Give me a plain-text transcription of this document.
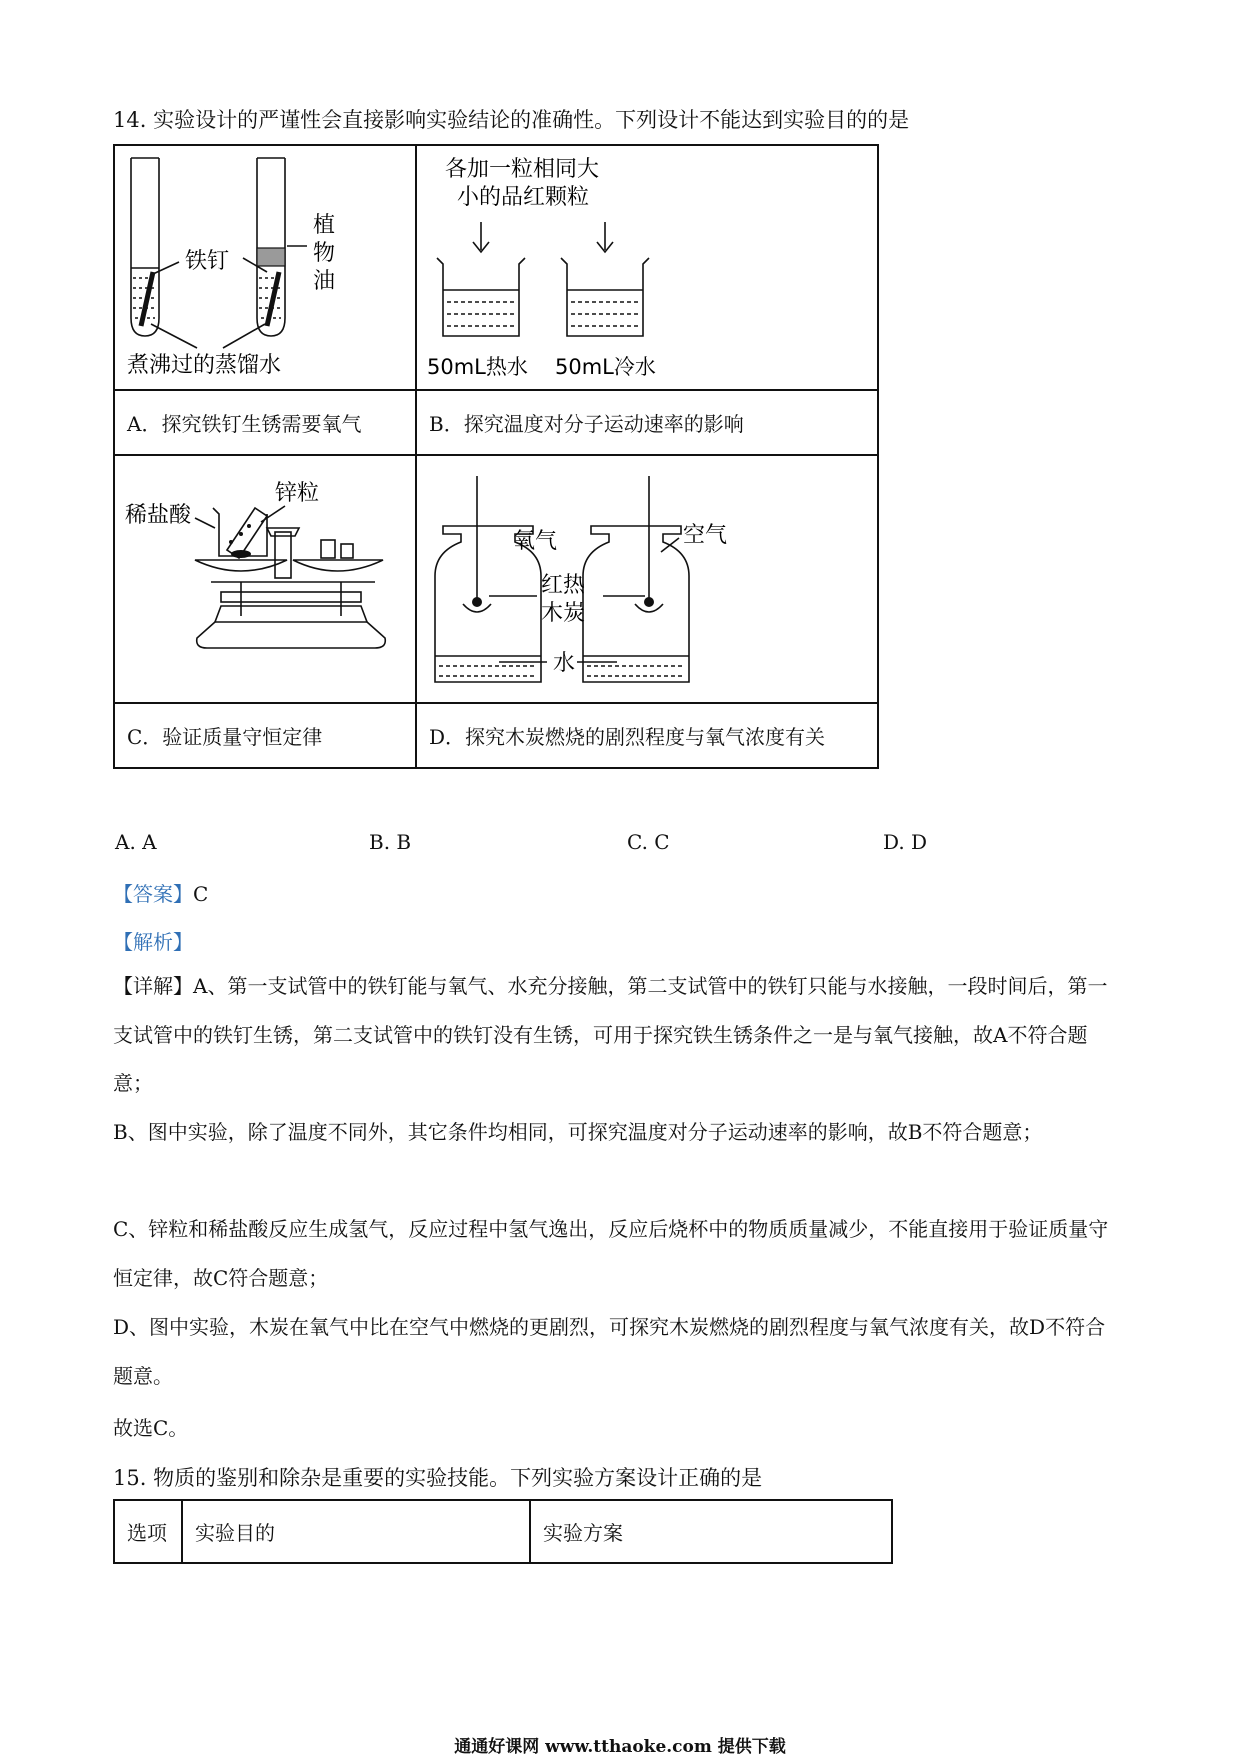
14. 实验设计的严谨性会直接影响实验结论的准确性。下列设计不能达到实验目的的是
铁钉
植
物
油
煮沸过的蒸馏水	各加一粒相同大
小的品红颗粒
50mL热水 50mL冷水

A．探究铁钉生锈需要氧气	B．探究温度对分子运动速率的影响

稀盐酸
锌粒	氧气 空气
红热
木炭
水

C．验证质量守恒定律	D．探究木炭燃烧的剧烈程度与氧气浓度有关
A. A	B. B	C. C	D. D
【答案】C
【解析】
【详解】A、第一支试管中的铁钉能与氧气、水充分接触，第二支试管中的铁钉只能与水接触，一段时间后，第一支试管中的铁钉生锈，第二支试管中的铁钉没有生锈，可用于探究铁生锈条件之一是与氧气接触，故A不符合题意；
B、图中实验，除了温度不同外，其它条件均相同，可探究温度对分子运动速率的影响，故B不符合题意；
C、锌粒和稀盐酸反应生成氢气，反应过程中氢气逸出，反应后烧杯中的物质质量减少，不能直接用于验证质量守恒定律，故C符合题意；
D、图中实验，木炭在氧气中比在空气中燃烧的更剧烈，可探究木炭燃烧的剧烈程度与氧气浓度有关，故D不符合题意。
故选C。
15. 物质的鉴别和除杂是重要的实验技能。下列实验方案设计正确的是
选项	实验目的	实验方案
通通好课网 www.tthaoke.com 提供下载
